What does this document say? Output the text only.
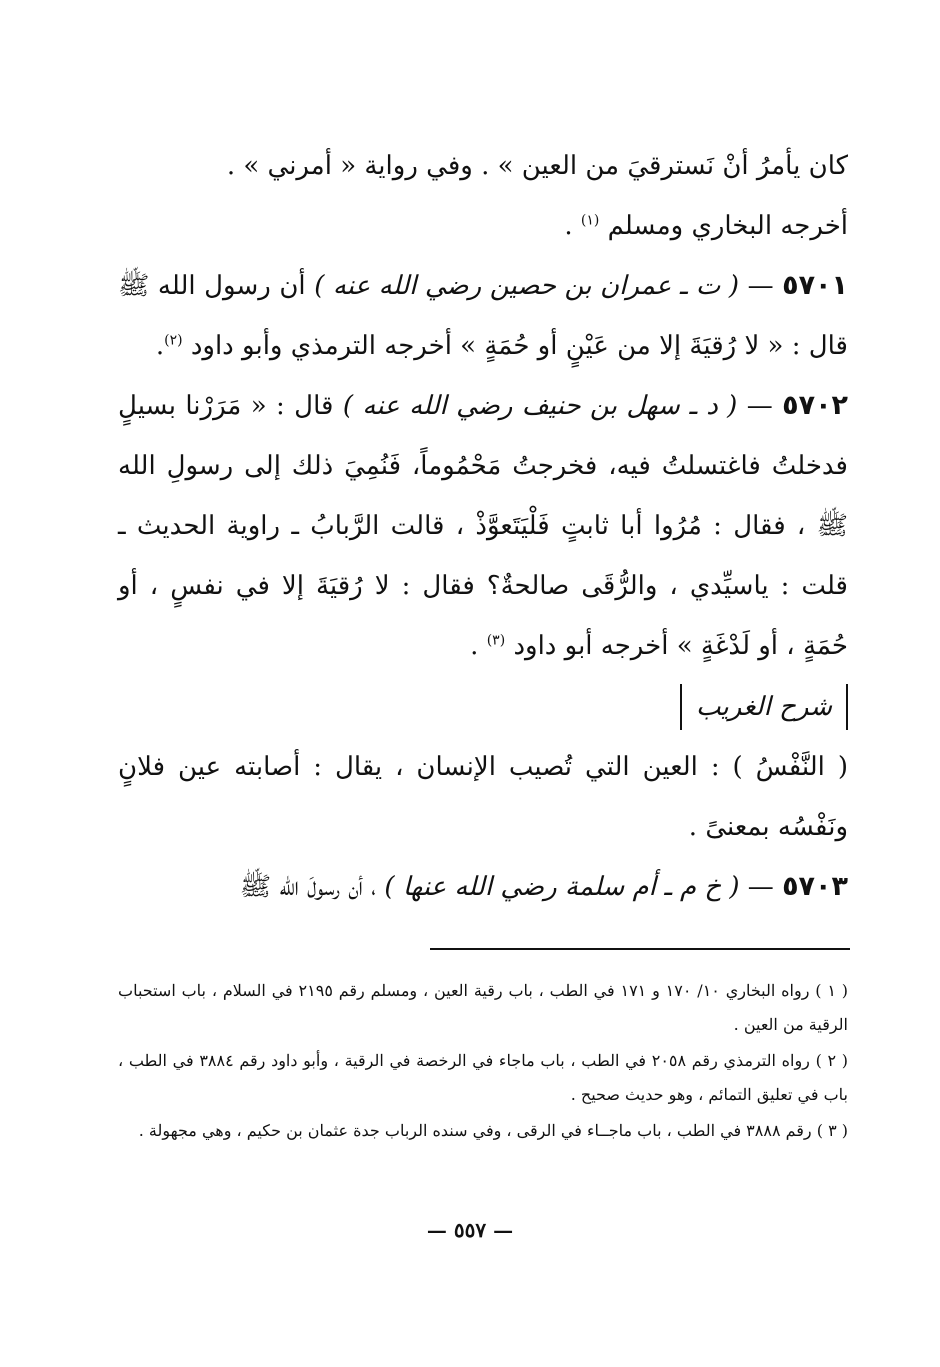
كان يأمرُ أنْ نَسترقيَ من العين » . وفي رواية « أمرني » .
أخرجه البخاري ومسلم $^{(١)}$ .

٥٧٠١ — ( ت ـ عمران بن حصين رضي الله عنه ) أن رسول الله ﷺ قال : « لا رُقيَةَ إلا من عَيْنٍ أو حُمَةٍ » أخرجه الترمذي وأبو داود $^{(٢)}$.

٥٧٠٢ — ( د ـ سهل بن حنيف رضي الله عنه ) قال : « مَرَرْنا بسيلٍ فدخلتُ فاغتسلتُ فيه، فخرجتُ مَحْمُوماً، فَنُمِيَ ذلك إلى رسولِ الله ﷺ ، فقال : مُرُوا أبا ثابتٍ فَلْيَتَعوَّذْ ، قالت الرَّبابُ ـ راوية الحديث ـ قلت : ياسيِّدي ، والرُّقَى صالحةٌ؟ فقال : لا رُقيَةَ إلا في نفسٍ ، أو حُمَةٍ ، أو لَدْغَةٍ » أخرجه أبو داود $^{(٣)}$ .

شرح الغريب

( النَّفْسُ ) : العين التي تُصيب الإنسان ، يقال : أصابته عين فلانٍ ونَفْسُه بمعنىً .

٥٧٠٣ — ( خ م ـ أم سلمة رضي الله عنها ) ، أن رسولَ الله ﷺ

( ١ ) رواه البخاري ١٠/ ١٧٠ و ١٧١ في الطب ، باب رقية العين ، ومسلم رقم ٢١٩٥ في السلام ، باب استحباب الرقية من العين .

( ٢ ) رواه الترمذي رقم ٢٠٥٨ في الطب ، باب ماجاء في الرخصة في الرقية ، وأبو داود رقم ٣٨٨٤ في الطب ، باب في تعليق التمائم ، وهو حديث صحيح .

( ٣ ) رقم ٣٨٨٨ في الطب ، باب ماجــاء في الرقى ، وفي سنده الرباب جدة عثمان بن حكيم ، وهي مجهولة .

— ٥٥٧ —
